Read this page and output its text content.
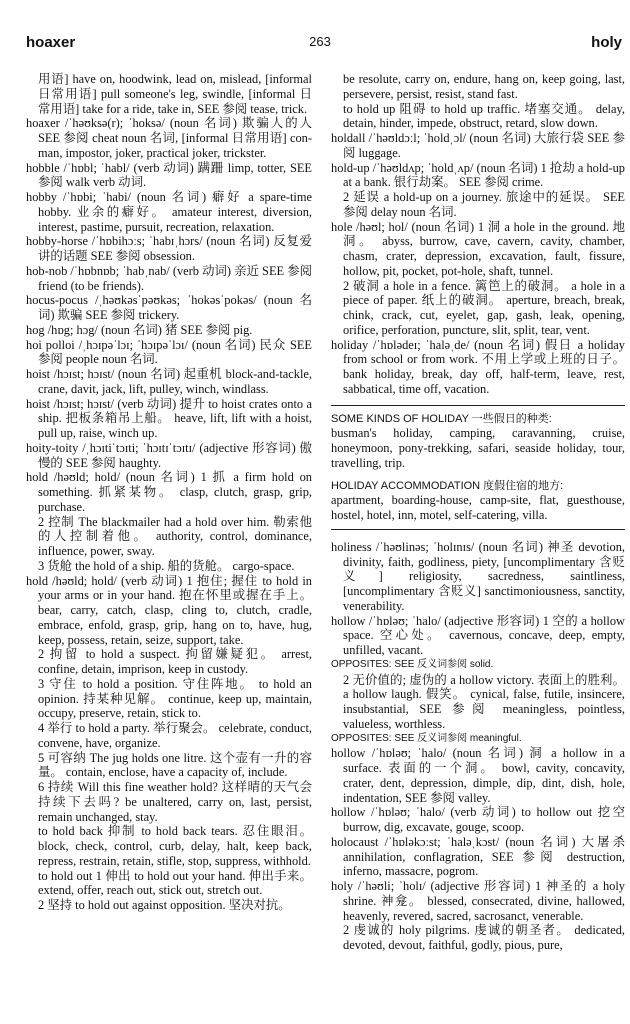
hoaxer	263	holy

用语] have on, hoodwink, lead on, mislead, [informal 日常用语] pull someone's leg, swindle, [informal 日常用语] take for a ride, take in, SEE 参阅 tease, trick.

hoaxer /ˈhəʊksə(r); ˈhoksə/ (noun 名词) 欺骗人的人 SEE 参阅 cheat noun 名词, [informal 日常用语] con-man, impostor, joker, practical joker, trickster.

hobble /ˈhɒbl; ˈhabl/ (verb 动词) 蹒跚 limp, totter, SEE 参阅 walk verb 动词.

hobby /ˈhɒbi; ˈhabi/ (noun 名词) 癖好 a spare-time hobby. 业余的癖好。 amateur interest, diversion, interest, pastime, pursuit, recreation, relaxation.

hobby-horse /ˈhɒbihɔːs; ˈhabɪˌhɔrs/ (noun 名词) 反复爱讲的话题 SEE 参阅 obsession.

hob-nob /ˈhɒbnɒb; ˈhabˌnab/ (verb 动词) 亲近 SEE 参阅 friend (to be friends).

hocus-pocus /ˌhəʊkəsˈpəʊkəs; ˈhokəsˈpokəs/ (noun 名词) 欺骗 SEE 参阅 trickery.

hog /hɒg; hɔg/ (noun 名词) 猪 SEE 参阅 pig.

hoi polloi /ˌhɔɪpəˈlɔɪ; ˈhɔɪpəˈlɔɪ/ (noun 名词) 民众 SEE 参阅 people noun 名词.

hoist /hɔɪst; hɔɪst/ (noun 名词) 起重机 block-and-tackle, crane, davit, jack, lift, pulley, winch, windlass.

hoist /hɔɪst; hɔɪst/ (verb 动词) 提升 to hoist crates onto a ship. 把板条箱吊上船。 heave, lift, lift with a hoist, pull up, raise, winch up.

hoity-toity /ˌhɔɪtiˈtɔɪti; ˈhɔɪtɪˈtɔɪtɪ/ (adjective 形容词) 傲慢的 SEE 参阅 haughty.

hold /həʊld; hold/ (noun 名词) 1 抓 a firm hold on something. 抓紧某物。 clasp, clutch, grasp, grip, purchase.

2 控制 The blackmailer had a hold over him. 勒索他的人控制着他。 authority, control, dominance, influence, power, sway.

3 货舱 the hold of a ship. 船的货舱。 cargo-space.

hold /həʊld; hold/ (verb 动词) 1 抱住; 握住 to hold in your arms or in your hand. 抱在怀里或握在手上。 bear, carry, catch, clasp, cling to, clutch, cradle, embrace, enfold, grasp, grip, hang on to, have, hug, keep, possess, retain, seize, support, take.

2 拘留 to hold a suspect. 拘留嫌疑犯。 arrest, confine, detain, imprison, keep in custody.

3 守住 to hold a position. 守住阵地。 to hold an opinion. 持某种见解。 continue, keep up, maintain, occupy, preserve, retain, stick to.

4 举行 to hold a party. 举行聚会。 celebrate, conduct, convene, have, organize.

5 可容纳 The jug holds one litre. 这个壶有一升的容量。 contain, enclose, have a capacity of, include.

6 持续 Will this fine weather hold? 这样晴的天气会持续下去吗? be unaltered, carry on, last, persist, remain unchanged, stay.

to hold back 抑制 to hold back tears. 忍住眼泪。 block, check, control, curb, delay, halt, keep back, repress, restrain, retain, stifle, stop, suppress, withhold.

to hold out 1 伸出 to hold out your hand. 伸出手来。 extend, offer, reach out, stick out, stretch out.

2 坚持 to hold out against opposition. 坚决对抗。

be resolute, carry on, endure, hang on, keep going, last, persevere, persist, resist, stand fast.

to hold up 阻碍 to hold up traffic. 堵塞交通。 delay, detain, hinder, impede, obstruct, retard, slow down.

holdall /ˈhəʊldɔːl; ˈholdˌɔl/ (noun 名词) 大旅行袋 SEE 参阅 luggage.

hold-up /ˈhəʊldʌp; ˈholdˌʌp/ (noun 名词) 1 抢劫 a hold-up at a bank. 银行劫案。 SEE 参阅 crime.

2 延误 a hold-up on a journey. 旅途中的延误。 SEE 参阅 delay noun 名词.

hole /həʊl; hol/ (noun 名词) 1 洞 a hole in the ground. 地洞。 abyss, burrow, cave, cavern, cavity, chamber, chasm, crater, depression, excavation, fault, fissure, hollow, pit, pocket, pot-hole, shaft, tunnel.

2 破洞 a hole in a fence. 篱笆上的破洞。 a hole in a piece of paper. 纸上的破洞。 aperture, breach, break, chink, crack, cut, eyelet, gap, gash, leak, opening, orifice, perforation, puncture, slit, split, tear, vent.

holiday /ˈhɒlədeɪ; ˈhaləˌde/ (noun 名词) 假日 a holiday from school or from work. 不用上学或上班的日子。 bank holiday, break, day off, half-term, leave, rest, sabbatical, time off, vacation.

SOME KINDS OF HOLIDAY 一些假日的种类:

busman's holiday, camping, caravanning, cruise, honeymoon, pony-trekking, safari, seaside holiday, tour, travelling, trip.

HOLIDAY ACCOMMODATION 度假住宿的地方:

apartment, boarding-house, camp-site, flat, guesthouse, hostel, hotel, inn, motel, self-catering, villa.

holiness /ˈhəʊlinəs; ˈholɪnɪs/ (noun 名词) 神圣 devotion, divinity, faith, godliness, piety, [uncomplimentary 含贬义] religiosity, sacredness, saintliness, [uncomplimentary 含贬义] sanctimoniousness, sanctity, venerability.

hollow /ˈhɒləʊ; ˈhalo/ (adjective 形容词) 1 空的 a hollow space. 空心处。 cavernous, concave, deep, empty, unfilled, vacant.

OPPOSITES: SEE 反义词参阅 solid.

2 无价值的; 虚伪的 a hollow victory. 表面上的胜利。 a hollow laugh. 假笑。 cynical, false, futile, insincere, insubstantial, SEE 参阅 meaningless, pointless, valueless, worthless.

OPPOSITES: SEE 反义词参阅 meaningful.

hollow /ˈhɒləʊ; ˈhalo/ (noun 名词) 洞 a hollow in a surface. 表面的一个洞。 bowl, cavity, concavity, crater, dent, depression, dimple, dip, dint, dish, hole, indentation, SEE 参阅 valley.

hollow /ˈhɒləʊ; ˈhalo/ (verb 动词) to hollow out 挖空 burrow, dig, excavate, gouge, scoop.

holocaust /ˈhɒləkɔːst; ˈhaləˌkɔst/ (noun 名词) 大屠杀 annihilation, conflagration, SEE 参阅 destruction, inferno, massacre, pogrom.

holy /ˈhəʊli; ˈholɪ/ (adjective 形容词) 1 神圣的 a holy shrine. 神龛。 blessed, consecrated, divine, hallowed, heavenly, revered, sacred, sacrosanct, venerable.

2 虔诚的 holy pilgrims. 虔诚的朝圣者。 dedicated, devoted, devout, faithful, godly, pious, pure,
